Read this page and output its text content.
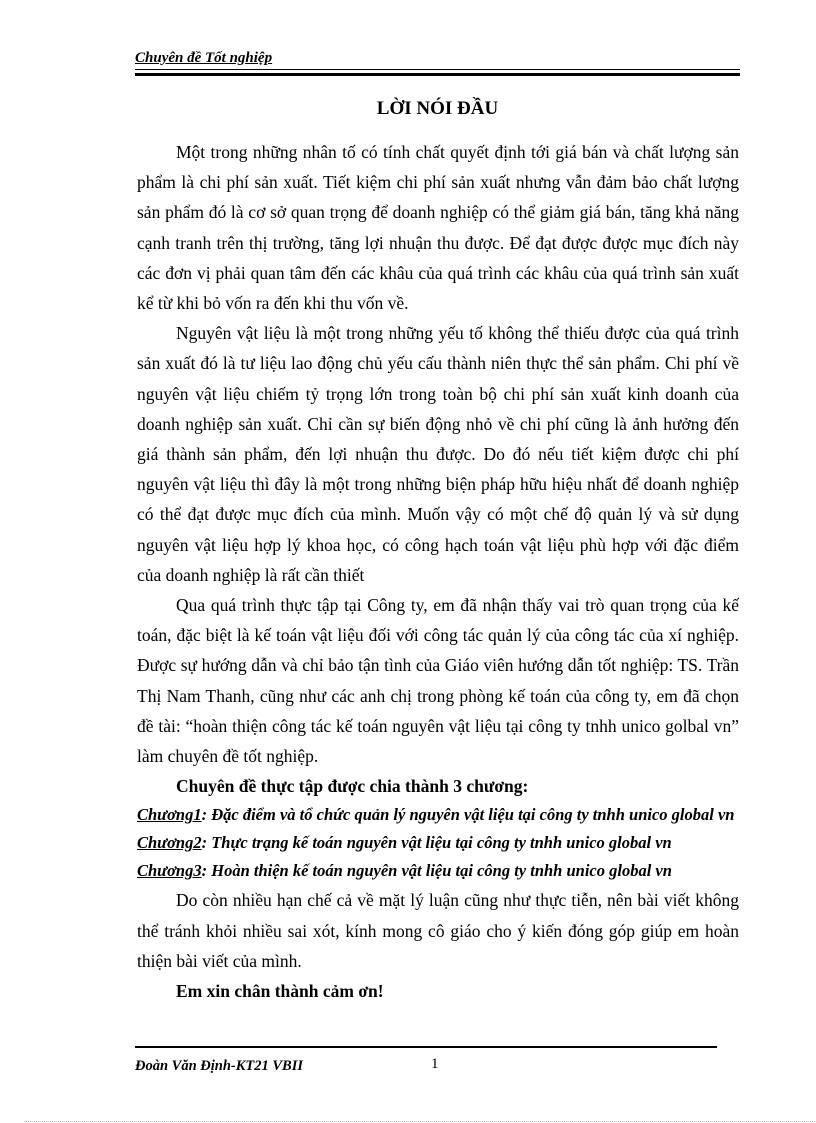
Chuyên đề Tốt nghiệp
LỜI NÓI ĐẦU

Một trong những nhân tố có tính chất quyết định tới giá bán và chất lượng sản phẩm là chi phí sản xuất. Tiết kiệm chi phí sản xuất nhưng vẫn đảm bảo chất lượng sản phẩm đó là cơ sở quan trọng để doanh nghiệp có thể giảm giá bán, tăng khả năng cạnh tranh trên thị trường, tăng lợi nhuận thu được. Để đạt được được mục đích này các đơn vị phải quan tâm đến các khâu của quá trình các khâu của quá trình sản xuất kể từ khi bỏ vốn ra đến khi thu vốn về.

Nguyên vật liệu là một trong những yếu tố không thể thiếu được của quá trình sản xuất đó là tư liệu lao động chủ yếu cấu thành niên thực thể sản phẩm. Chi phí về nguyên vật liệu chiếm tỷ trọng lớn trong toàn bộ chi phí sản xuất kinh doanh của doanh nghiệp sản xuất. Chỉ cần sự biến động nhỏ về chi phí cũng là ảnh hưởng đến giá thành sản phẩm, đến lợi nhuận thu được. Do đó nếu tiết kiệm được chi phí nguyên vật liệu thì đây là một trong những biện pháp hữu hiệu nhất để doanh nghiệp có thể đạt được mục đích của mình. Muốn vậy có một chế độ quản lý và sử dụng nguyên vật liệu hợp lý khoa học, có công hạch toán vật liệu phù hợp với đặc điểm của doanh nghiệp là rất cần thiết

Qua quá trình thực tập tại Công ty, em đã nhận thấy vai trò quan trọng của kế toán, đặc biệt là kế toán vật liệu đối với công tác quản lý của công tác của xí nghiệp. Được sự hướng dẫn và chỉ bảo tận tình của Giáo viên hướng dẫn tốt nghiệp: TS. Trần Thị Nam Thanh, cũng như các anh chị trong phòng kế toán của công ty, em đã chọn đề tài: “hoàn thiện công tác kế toán nguyên vật liệu tại công ty tnhh unico golbal vn” làm chuyên đề tốt nghiệp.

Chuyên đề thực tập được chia thành 3 chương:

Chương1: Đặc điểm và tổ chức quản lý nguyên vật liệu tại công ty tnhh unico global vn
Chương2: Thực trạng kế toán nguyên vật liệu tại công ty tnhh unico global vn
Chương3: Hoàn thiện kế toán nguyên vật liệu tại công ty tnhh unico global vn

Do còn nhiều hạn chế cả về mặt lý luận cũng như thực tiễn, nên bài viết không thể tránh khỏi nhiều sai xót, kính mong cô giáo cho ý kiến đóng góp giúp em hoàn thiện bài viết của mình.

Em xin chân thành cảm ơn!

Đoàn Văn Định-KT21 VBII	1
